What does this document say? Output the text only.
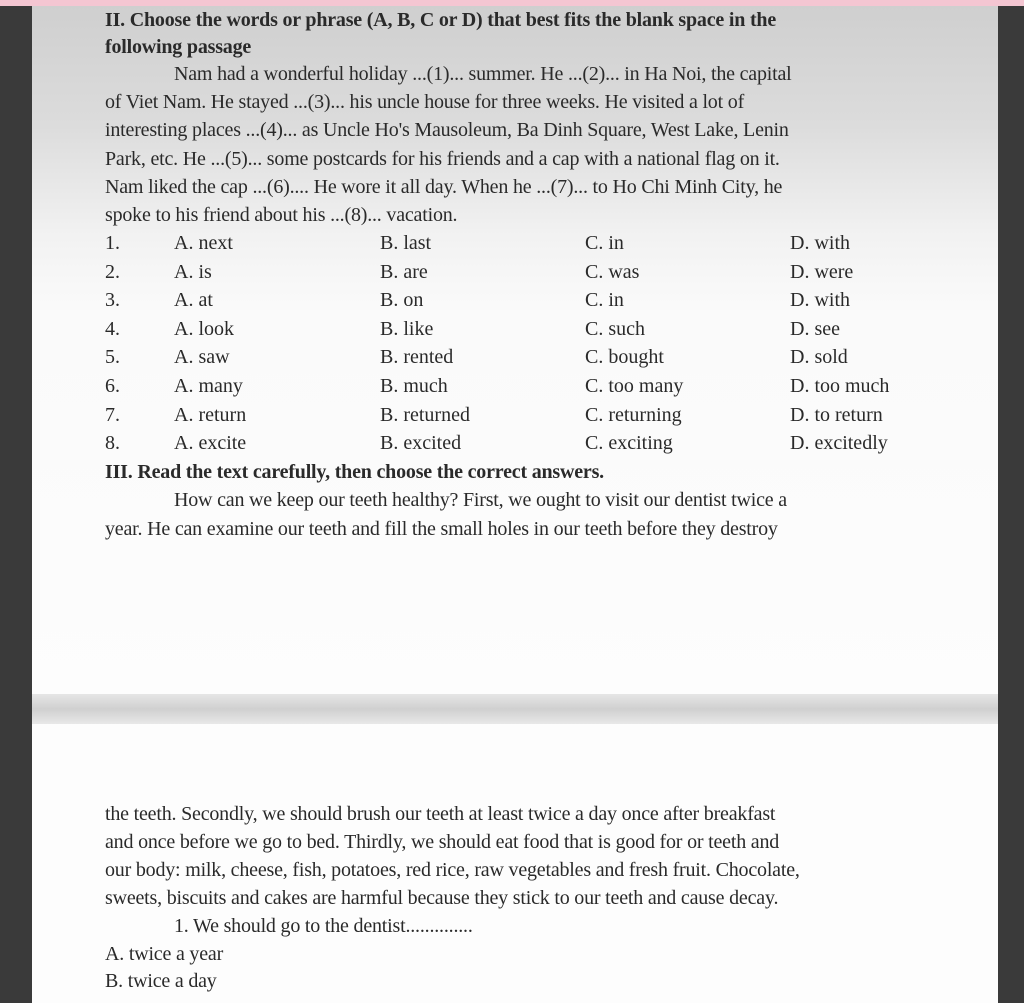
II. Choose the words or phrase (A, B, C or D) that best fits the blank space in the
following passage
Nam had a wonderful holiday ...(1)... summer. He ...(2)... in Ha Noi, the capital
of Viet Nam. He stayed ...(3)... his uncle house for three weeks. He visited a lot of
interesting places ...(4)... as Uncle Ho's Mausoleum, Ba Dinh Square, West Lake, Lenin
Park, etc. He ...(5)... some postcards for his friends and a cap with a national flag on it.
Nam liked the cap ...(6).... He wore it all day. When he ...(7)... to Ho Chi Minh City, he
spoke to his friend about his ...(8)... vacation.
1.	A. next	B. last	C. in	D. with
2.	A. is	B. are	C. was	D. were
3.	A. at	B. on	C. in	D. with
4.	A. look	B. like	C. such	D. see
5.	A. saw	B. rented	C. bought	D. sold
6.	A. many	B. much	C. too many	D. too much
7.	A. return	B. returned	C. returning	D. to return
8.	A. excite	B. excited	C. exciting	D. excitedly
III. Read the text carefully, then choose the correct answers.
How can we keep our teeth healthy? First, we ought to visit our dentist twice a
year. He can examine our teeth and fill the small holes in our teeth before they destroy
the teeth. Secondly, we should brush our teeth at least twice a day once after breakfast
and once before we go to bed. Thirdly, we should eat food that is good for or teeth and
our body: milk, cheese, fish, potatoes, red rice, raw vegetables and fresh fruit. Chocolate,
sweets, biscuits and cakes are harmful because they stick to our teeth and cause decay.
1. We should go to the dentist..............
A. twice a year
B. twice a day
